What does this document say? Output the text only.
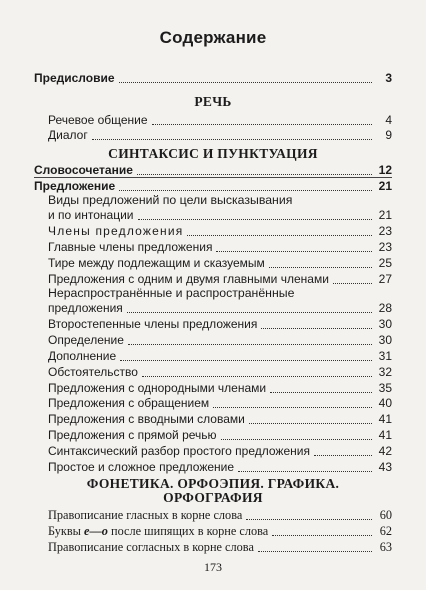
Содержание
Предисловие	3
РЕЧЬ
Речевое общение	4
Диалог	9
СИНТАКСИС И ПУНКТУАЦИЯ
Словосочетание	12
Предложение	21
Виды предложений по цели высказывания
и по интонации	21
Члены предложения	23
Главные члены предложения	23
Тире между подлежащим и сказуемым	25
Предложения с одним и двумя главными членами	27
Нераспространённые и распространённые
предложения	28
Второстепенные члены предложения	30
Определение	30
Дополнение	31
Обстоятельство	32
Предложения с однородными членами	35
Предложения с обращением	40
Предложения с вводными словами	41
Предложения с прямой речью	41
Синтаксический разбор простого предложения	42
Простое и сложное предложение	43
ФОНЕТИКА. ОРФОЭПИЯ. ГРАФИКА.
ОРФОГРАФИЯ
Правописание гласных в корне слова	60
Буквы е—о после шипящих в корне слова	62
Правописание согласных в корне слова	63
173
